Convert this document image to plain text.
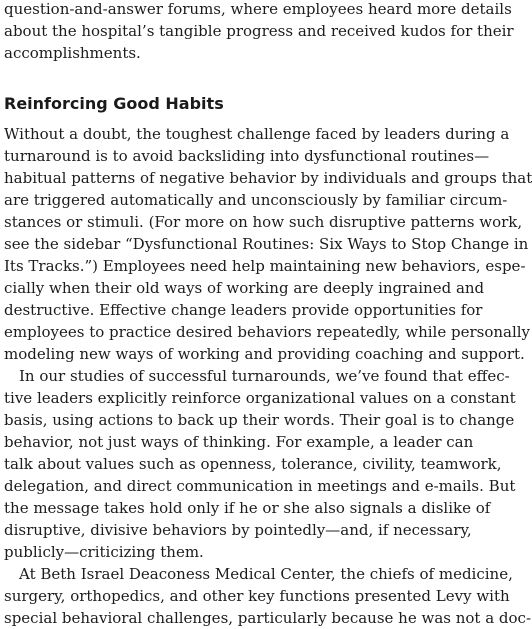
question-and-answer forums, where employees heard more details
about the hospital’s tangible progress and received kudos for their
accomplishments.
Reinforcing Good Habits
Without a doubt, the toughest challenge faced by leaders during a
turnaround is to avoid backsliding into dysfunctional routines—
habitual patterns of negative behavior by individuals and groups that
are triggered automatically and unconsciously by familiar circum-
stances or stimuli. (For more on how such disruptive patterns work,
see the sidebar “Dysfunctional Routines: Six Ways to Stop Change in
Its Tracks.”) Employees need help maintaining new behaviors, espe-
cially when their old ways of working are deeply ingrained and
destructive. Effective change leaders provide opportunities for
employees to practice desired behaviors repeatedly, while personally
modeling new ways of working and providing coaching and support.
In our studies of successful turnarounds, we’ve found that effec-
tive leaders explicitly reinforce organizational values on a constant
basis, using actions to back up their words. Their goal is to change
behavior, not just ways of thinking. For example, a leader can
talk about values such as openness, tolerance, civility, teamwork,
delegation, and direct communication in meetings and e-mails. But
the message takes hold only if he or she also signals a dislike of
disruptive, divisive behaviors by pointedly—and, if necessary,
publicly—criticizing them.
At Beth Israel Deaconess Medical Center, the chiefs of medicine,
surgery, orthopedics, and other key functions presented Levy with
special behavioral challenges, particularly because he was not a doc-
